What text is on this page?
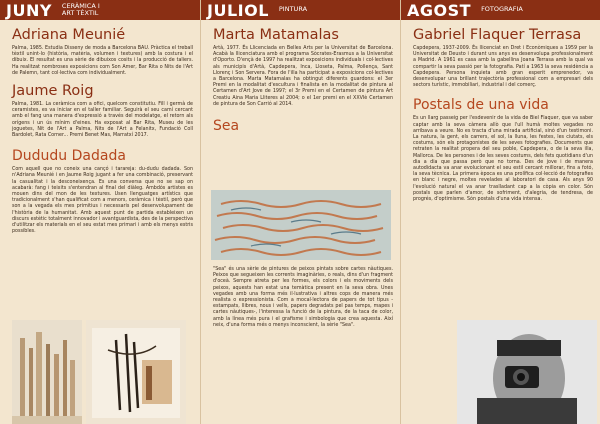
JUNY CERÀMICA I
ART TÈXTIL
Adriana Meunié

Palma, 1985. Estudia Disseny de moda a Barcelona BAU. Pràctica el treball tèxtil unint-lo (història, matèria, volumen i textures) amb la costura i el dibuix. El resultat es una sèrie de dibuixos cosits i la producció de taliers. Ha realitzat nombroses exposicions com Son Amer, Bar Rita o Nits de l'Art de Palemn, tant col·lectiva com individualment.

Jaume Roig

Palma, 1981. La ceràmica com a ofici, quelcom constitutiu. Fill i germà de ceramistes, es va iniciar en el taller familiar. Seguirà el seu camí cercant amb el fang una manera d'expressió a través del modelatge, el retorn als orígens i un ús mínim d'eines. Ha exposat al Bar Rita, Museu de les joguetes, Nit de l'Art a Palma, Nits de l'Art a Felanitx, Fundació Coll Bardolet, Rata Corner... Premi Benet Mas, Marratxí 2017.

Dududu Dadada

Com aquell que no coneix una cançó i tarareja: du-dudu dadada. Son n'Adriana Meunié i en Jaume Roig jugant a fer una combinació, preservant la casualitat i la desconeixença. Es una conversa que no se sap on acabarà: fang i teixits s'entendran al final del diàleg. Ambdós artistes es mouen dins del mon de les textures. Usen llenguatges artístics que tradicionalment s'han qualificat com a menors, ceràmica i tèxtil, però que son a la vegada els mes primitius i necessaris pel desenvolupament de l'història de la humanitat. Amb aquest punt de partida estableixen un discurs estètic totalment innovador i avantguardista, des de la perspectiva d'utilitzar els materials en el seu estat mes primari i amb els menys estris possibles.

JULIOL PINTURA
Marta Matamalas

Artà, 1977. És Llicenciada en Belles Arts per la Universitat de Barcelona. Acabà la llicenciatura amb el programa Sòcrates-Erasmus a la Universitat d'Oporto. D'ençà de 1997 ha realitzat exposicions individuals i col·lectives als municipis d'Artà, Capdepera, Inca, Lloseta, Palma, Pollença, Sant Llorenç i Son Servera. Fora de l'illa ha participat a exposicions col·lectives a Barcelona. Marta Matamalas ha obtingut diferents guardons: el 3er Premi en la modalitat d'escultura i finalista en la modalitat de pintura al Certamen d'Art Jove de 1997; el 3r Premi en el Certamen de pintura Art Creatiu Aina Maria Lliteres al 2004; o el 1er premi en el XXVIè Certamen de pintura de Son Carrió al 2014.

Sea

"Sea" és una sèrie de pintures de peixos pintats sobre cartes nàutiques. Peixos que segueixen les corrents imaginàries, o reals, dins d'un fragment d'oceà. Sempre atreta per les formes, els colors i els moviments dels peixos, aquests han estat una temàtica present en la seva obra. Unes vegades amb una forma més il·lustrativa i altres cops de manera més realista o expressionista. Com a mocal·lectora de papers de tot tipus -estampats, llibres, nous i vells, papers degradats pel pas temps, mapes i cartes nàutiques-, l'interessa la funció de la pintura, de la taca de color, amb la línea més pura i el grafisme i simbologia que crea aquesta. Així neix, d'una forma més o menys inconscient, la sèrie "Sea".

AGOST FOTOGRAFIA
Gabriel Flaquer Terrasa

Capdepera, 1937-2009. És llicenciat en Dret i Econòmiques a 1959 per la Universitat de Deusto i durant uns anys es desenvolupa professionalment a Madrid. A 1961 es casa amb la gabellina Joana Terrasa amb la qual va compartir la seva passió per la fotografia. Patí a 1963 la seva residència a Capdepera. Persona inquieta amb gran esperit emprenedor, va desenvolupar una brillant trajectòria professional com a empresari dels sectors turístic, immobiliari, industrial i del comerç.

Postals de una vida

Es un llarg passeig per l'esdevenir de la vida de Biel Flaquer, que va saber captar amb la seva càmera allò que l'ull humà moltes vegades no arribava a veure. No es tracta d'una mirada artificial, sinó d'un testimoni. La natura, la gent, els carrers, el sol, la lluna, les festes, les ciutats, els costums, són els protagonistes de les seves fotografies. Documents que retraten la realitat propera del seu poble, Capdepera, o de la seva illa, Mallorca. De les persones i de les seves costums, dels fets quotidians d'un dia a dia que passa però que no torna. Des de jove i de manera autodidacta va anar evolucionant el seu estil cercant millorar, fins a fotó, la seva tècnica. La primera època es una prolífica col·lecció de fotografies en blanc i negre, moltes revelades al laboratori de casa. Als anys 90 l'evolució natural el va anar traslladant cap a la còpia en color. Són postals que parlen d'amor, de sofriment, d'alegria, de tendresa, de progrés, d'optimisme. Són postals d'una vida intensa.
